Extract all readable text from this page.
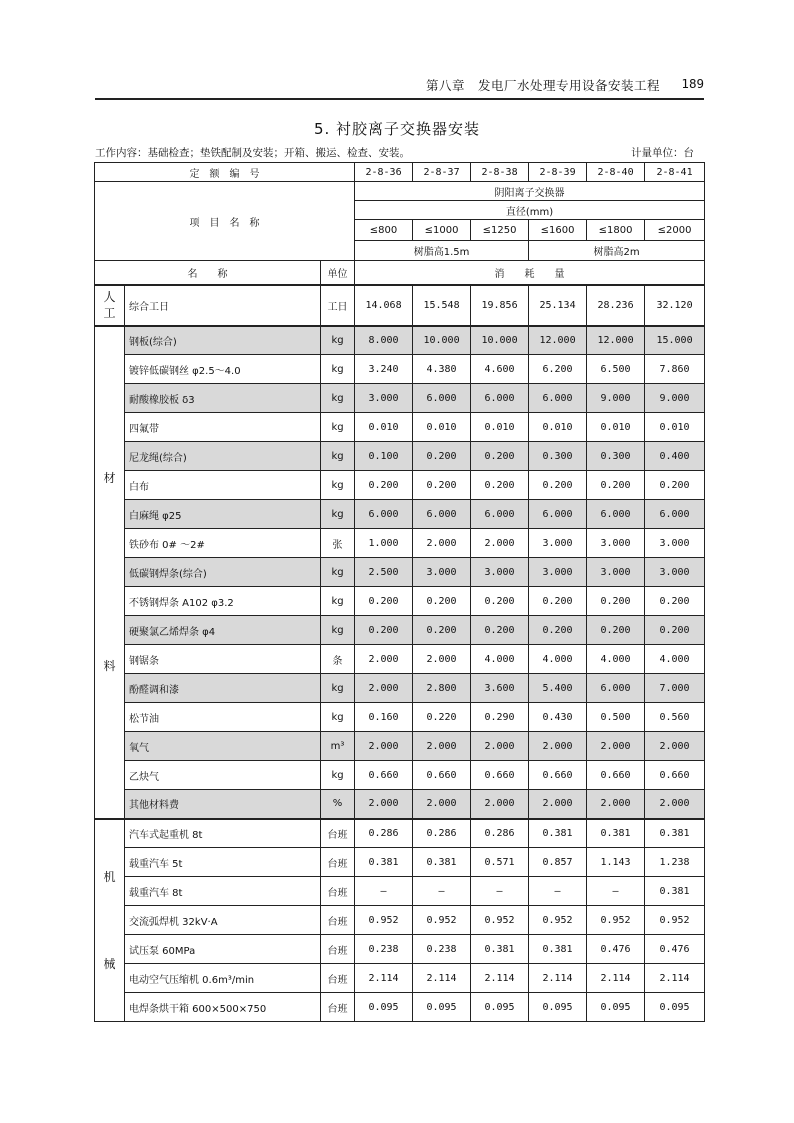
第八章　发电厂水处理专用设备安装工程 189
5. 衬胶离子交换器安装
工作内容：基础检查；垫铁配制及安装；开箱、搬运、检查、安装。	计量单位：台
定　额　编　号			2-8-36	2-8-37	2-8-38	2-8-39	2-8-40	2-8-41
项　目　名　称			阴阳离子交换器					
			直径(mm)					
			≤800	≤1000	≤1250	≤1600	≤1800	≤2000
			树脂高1.5m			树脂高2m		
名　　称		单位	消　　耗　　量					

人
工	综合工日	工日	14.068	15.548	19.856	25.134	28.236	32.120

材
料	钢板(综合)	kg	8.000	10.000	10.000	12.000	12.000	15.000
	镀锌低碳钢丝 φ2.5～4.0	kg	3.240	4.380	4.600	6.200	6.500	7.860
	耐酸橡胶板 δ3	kg	3.000	6.000	6.000	6.000	9.000	9.000
	四氟带	kg	0.010	0.010	0.010	0.010	0.010	0.010
	尼龙绳(综合)	kg	0.100	0.200	0.200	0.300	0.300	0.400
	白布	kg	0.200	0.200	0.200	0.200	0.200	0.200
	白麻绳 φ25	kg	6.000	6.000	6.000	6.000	6.000	6.000
	铁砂布 0# ～2#	张	1.000	2.000	2.000	3.000	3.000	3.000
	低碳钢焊条(综合)	kg	2.500	3.000	3.000	3.000	3.000	3.000
	不锈钢焊条 A102 φ3.2	kg	0.200	0.200	0.200	0.200	0.200	0.200
	硬聚氯乙烯焊条 φ4	kg	0.200	0.200	0.200	0.200	0.200	0.200
	钢锯条	条	2.000	2.000	4.000	4.000	4.000	4.000
	酚醛调和漆	kg	2.000	2.800	3.600	5.400	6.000	7.000
	松节油	kg	0.160	0.220	0.290	0.430	0.500	0.560
	氧气	m³	2.000	2.000	2.000	2.000	2.000	2.000
	乙炔气	kg	0.660	0.660	0.660	0.660	0.660	0.660
	其他材料费	%	2.000	2.000	2.000	2.000	2.000	2.000

机
械	汽车式起重机 8t	台班	0.286	0.286	0.286	0.381	0.381	0.381
	载重汽车 5t	台班	0.381	0.381	0.571	0.857	1.143	1.238
	载重汽车 8t	台班	—	—	—	—	—	0.381
	交流弧焊机 32kV·A	台班	0.952	0.952	0.952	0.952	0.952	0.952
	试压泵 60MPa	台班	0.238	0.238	0.381	0.381	0.476	0.476
	电动空气压缩机 0.6m³/min	台班	2.114	2.114	2.114	2.114	2.114	2.114
	电焊条烘干箱 600×500×750	台班	0.095	0.095	0.095	0.095	0.095	0.095
